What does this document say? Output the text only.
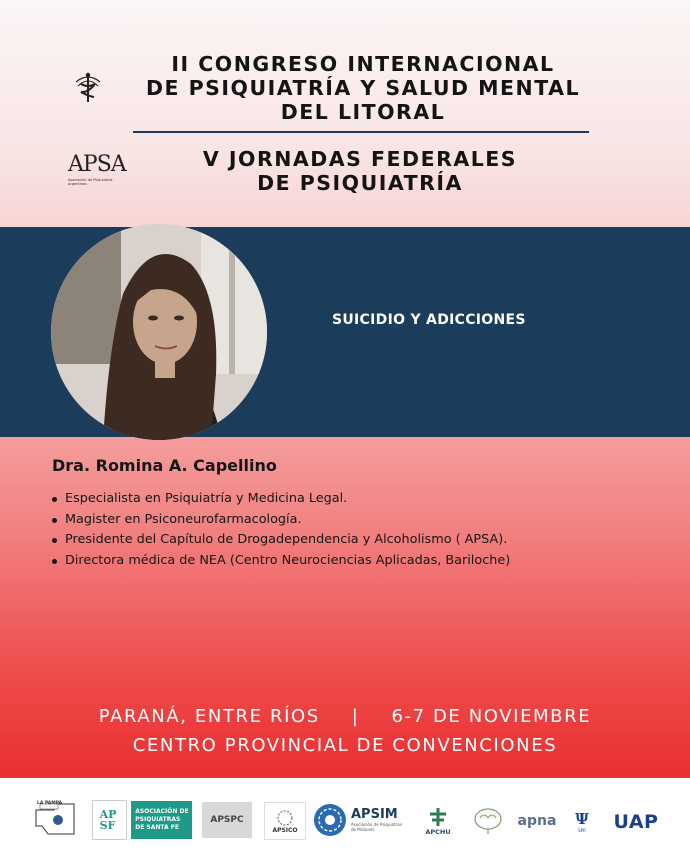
APSA
Asociación de Psiquiatras Argentinos
II CONGRESO INTERNACIONAL
DE PSIQUIATRÍA Y SALUD MENTAL
DEL LITORAL
V JORNADAS FEDERALES
DE PSIQUIATRÍA
SUICIDIO Y ADICCIONES
Dra. Romina A. Capellino
Especialista en Psiquiatría y Medicina Legal.
Magister en Psiconeurofarmacología.
Presidente del Capítulo de Drogadependencia y Alcoholismo ( APSA).
Directora médica de NEA (Centro Neurociencias Aplicadas, Bariloche)
PARANÁ, ENTRE RÍOS | 6-7 DE NOVIEMBRE
CENTRO PROVINCIAL DE CONVENCIONES
LA PAMPA
APSF
ASOCIACIÓN DE
PSIQUIATRAS
DE SANTA FE
APSPC
APSICO
APSIM
Asociación de Psiquiatras
de Misiones	APCHU
apna Ψ
SPR UAP
